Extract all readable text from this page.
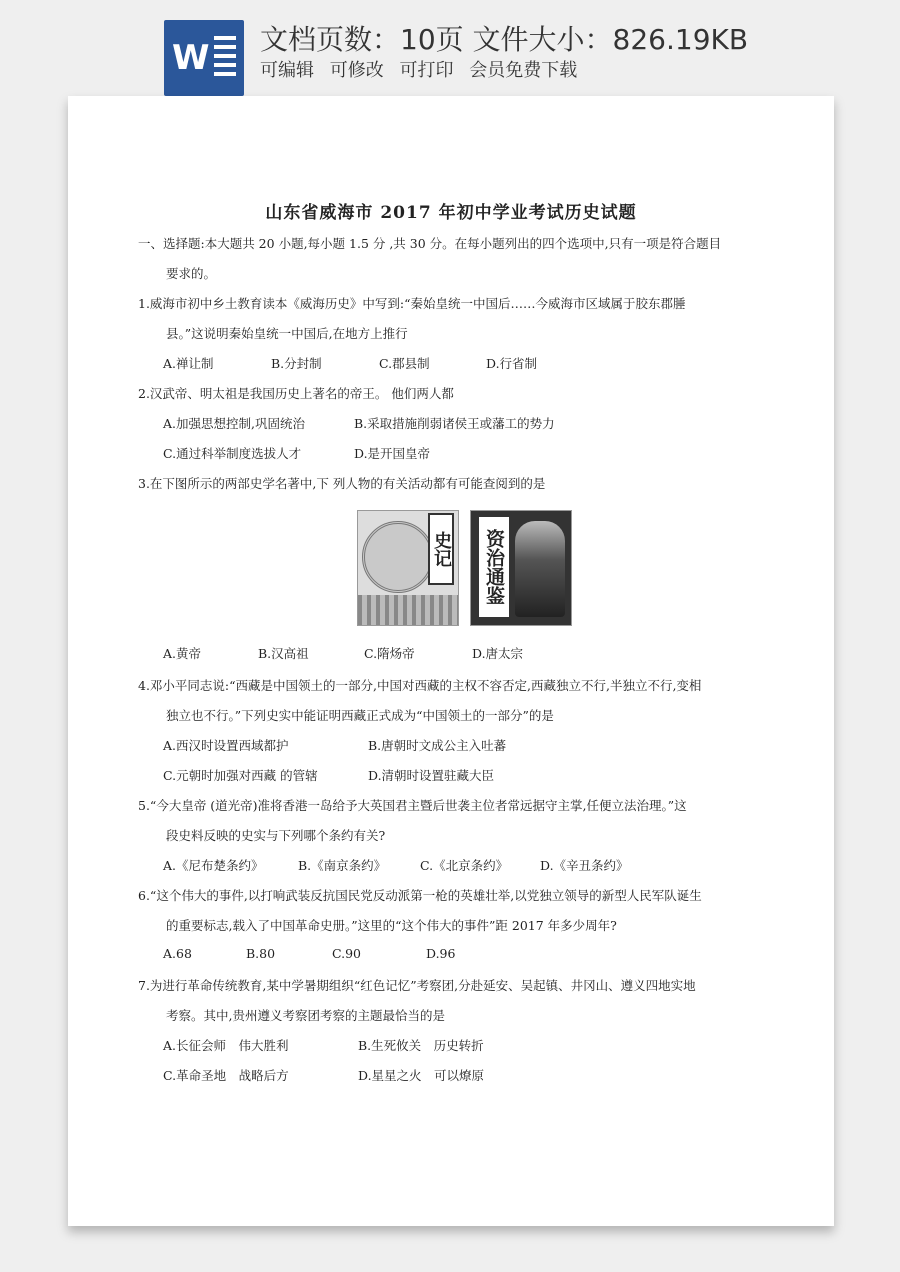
W 文档页数：10页 文件大小：826.19KB
可编辑 可修改 可打印 会员免费下载
山东省威海市 2017 年初中学业考试历史试题
一、选择题:本大题共 20 小题,每小题 1.5 分 ,共 30 分。在每小题列出的四个选项中,只有一项是符合题目
要求的。
1.威海市初中乡土教育读本《威海历史》中写到:“秦始皇统一中国后……今威海市区域属于胶东郡腄
县。”这说明秦始皇统一中国后,在地方上推行
A.禅让制	B.分封制	C.郡县制	D.行省制
2.汉武帝、明太祖是我国历史上著名的帝王。 他们两人都
A.加强思想控制,巩固统治	B.采取措施削弱诸侯王或藩工的势力
C.通过科举制度选拔人才	D.是开国皇帝
3.在下图所示的两部史学名著中,下 列人物的有关活动都有可能查阅到的是
史记	资治通鉴
A.黄帝	B.汉高祖	C.隋炀帝	D.唐太宗
4.邓小平同志说:“西藏是中国领土的一部分,中国对西藏的主权不容否定,西藏独立不行,半独立不行,变相
独立也不行。”下列史实中能证明西藏正式成为“中国领土的一部分”的是
A.西汉时设置西域都护	B.唐朝时文成公主入吐蕃
C.元朝时加强对西藏 的管辖	D.清朝时设置驻藏大臣
5.“今大皇帝 (道光帝)准将香港一岛给予大英国君主暨后世袭主位者常远据守主掌,任便立法治理。”这
段史料反映的史实与下列哪个条约有关?
A.《尼布楚条约》	B.《南京条约》	C.《北京条约》	D.《辛丑条约》
6.“这个伟大的事件,以打响武装反抗国民党反动派第一枪的英雄壮举,以党独立领导的新型人民军队诞生
的重要标志,载入了中国革命史册。”这里的“这个伟大的事件”距 2017 年多少周年?
A.68	B.80	C.90	D.96
7.为进行革命传统教育,某中学暑期组织“红色记忆”考察团,分赴延安、吴起镇、井冈山、遵义四地实地
考察。其中,贵州遵义考察团考察的主题最恰当的是
A.长征会师　伟大胜利	B.生死攸关　历史转折
C.革命圣地　战略后方	D.星星之火　可以燎原
